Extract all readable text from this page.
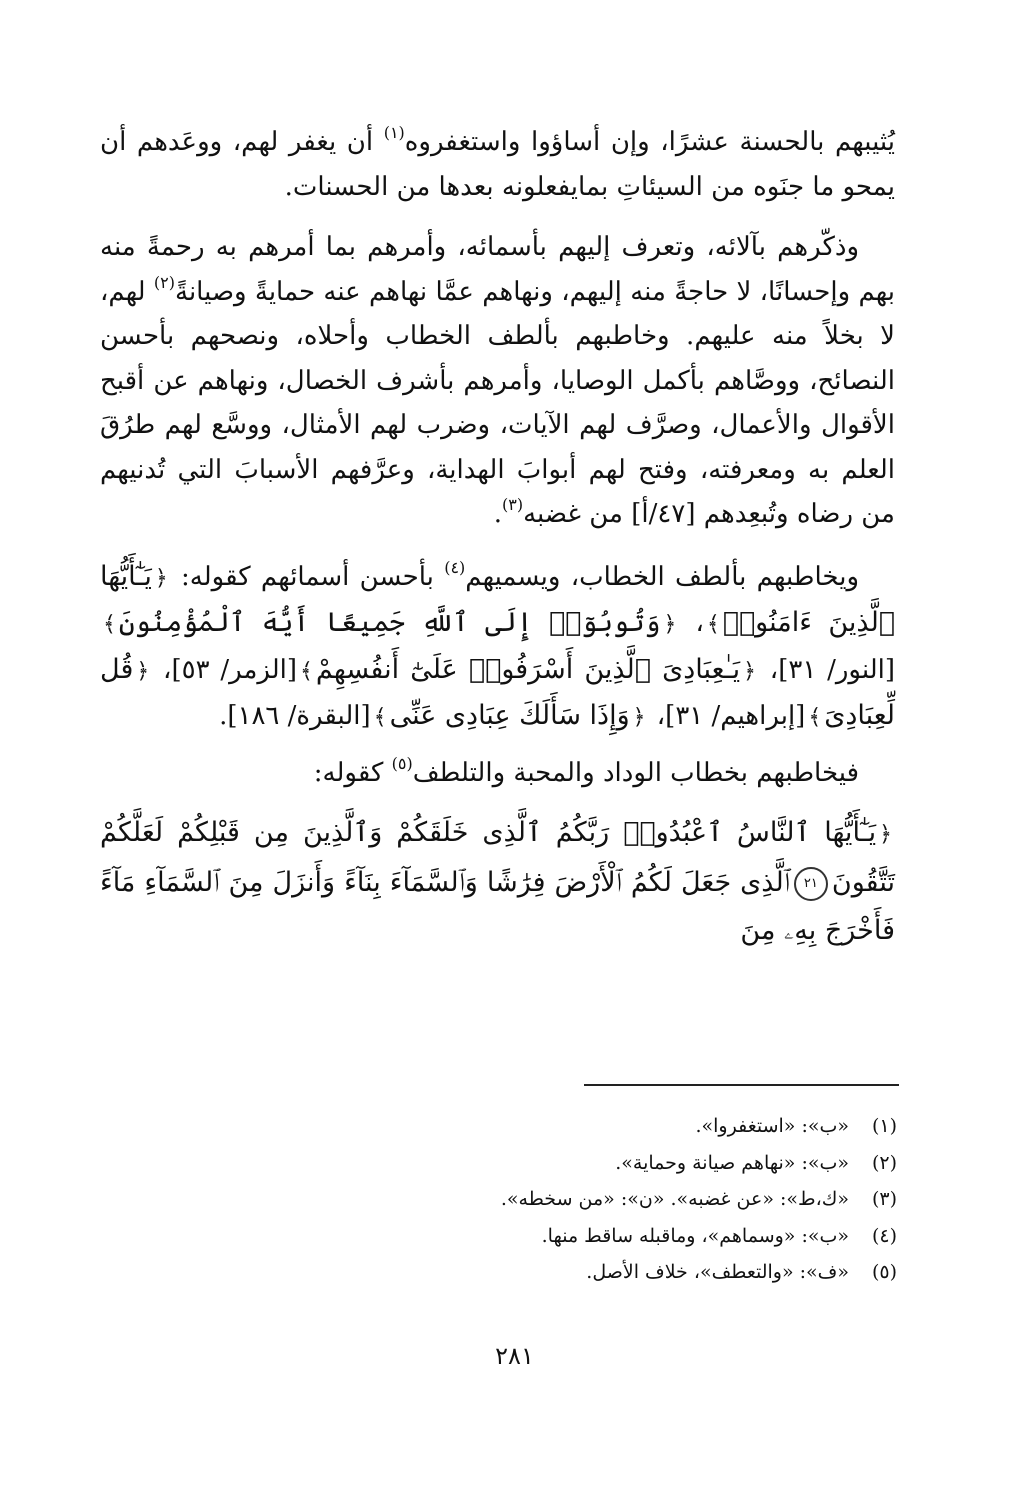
يُثيبهم بالحسنة عشرًا، وإن أساؤوا واستغفروه$^{(١)}$ أن يغفر لهم، ووعَدهم أن يمحو ما جنَوه من السيئاتِ بمايفعلونه بعدها من الحسنات.

وذكّرهم بآلائه، وتعرف إليهم بأسمائه، وأمرهم بما أمرهم به رحمةً منه بهم وإحسانًا، لا حاجةً منه إليهم، ونهاهم عمَّا نهاهم عنه حمايةً وصيانةً$^{(٢)}$ لهم، لا بخلاً منه عليهم. وخاطبهم بألطف الخطاب وأحلاه، ونصحهم بأحسن النصائح، ووصَّاهم بأكمل الوصايا، وأمرهم بأشرف الخصال، ونهاهم عن أقبح الأقوال والأعمال، وصرَّف لهم الآيات، وضرب لهم الأمثال، ووسَّع لهم طرُقَ العلم به ومعرفته، وفتح لهم أبوابَ الهداية، وعرَّفهم الأسبابَ التي تُدنيهم من رضاه وتُبعِدهم [٤٧/أ] من غضبه$^{(٣)}$.

ويخاطبهم بألطف الخطاب، ويسميهم$^{(٤)}$ بأحسن أسمائهم كقوله: ﴿يَـٰٓأَيُّهَا ٱلَّذِينَ ءَامَنُوا۟﴾، ﴿وَتُوبُوٓا۟ إِلَى ٱللَّهِ جَمِيعًا أَيُّهَ ٱلْمُؤْمِنُونَ﴾[النور/ ٣١]، ﴿يَـٰعِبَادِىَ ٱلَّذِينَ أَسْرَفُوا۟ عَلَىٰٓ أَنفُسِهِمْ﴾[الزمر/ ٥٣]، ﴿قُل لِّعِبَادِىَ﴾[إبراهيم/ ٣١]، ﴿وَإِذَا سَأَلَكَ عِبَادِى عَنِّى﴾[البقرة/ ١٨٦].

فيخاطبهم بخطاب الوداد والمحبة والتلطف$^{(٥)}$ كقوله:

﴿يَـٰٓأَيُّهَا ٱلنَّاسُ ٱعْبُدُوا۟ رَبَّكُمُ ٱلَّذِى خَلَقَكُمْ وَٱلَّذِينَ مِن قَبْلِكُمْ لَعَلَّكُمْ تَتَّقُونَ٢١ٱلَّذِى جَعَلَ لَكُمُ ٱلْأَرْضَ فِرَٰشًا وَٱلسَّمَآءَ بِنَآءً وَأَنزَلَ مِنَ ٱلسَّمَآءِ مَآءً فَأَخْرَجَ بِهِۦ مِنَ

(١)«ب»: «استغفروا».

(٢)«ب»: «نهاهم صيانة وحماية».

(٣)«ك،ط»: «عن غضبه». «ن»: «من سخطه».

(٤)«ب»: «وسماهم»، وماقبله ساقط منها.

(٥)«ف»: «والتعطف»، خلاف الأصل.

٢٨١
